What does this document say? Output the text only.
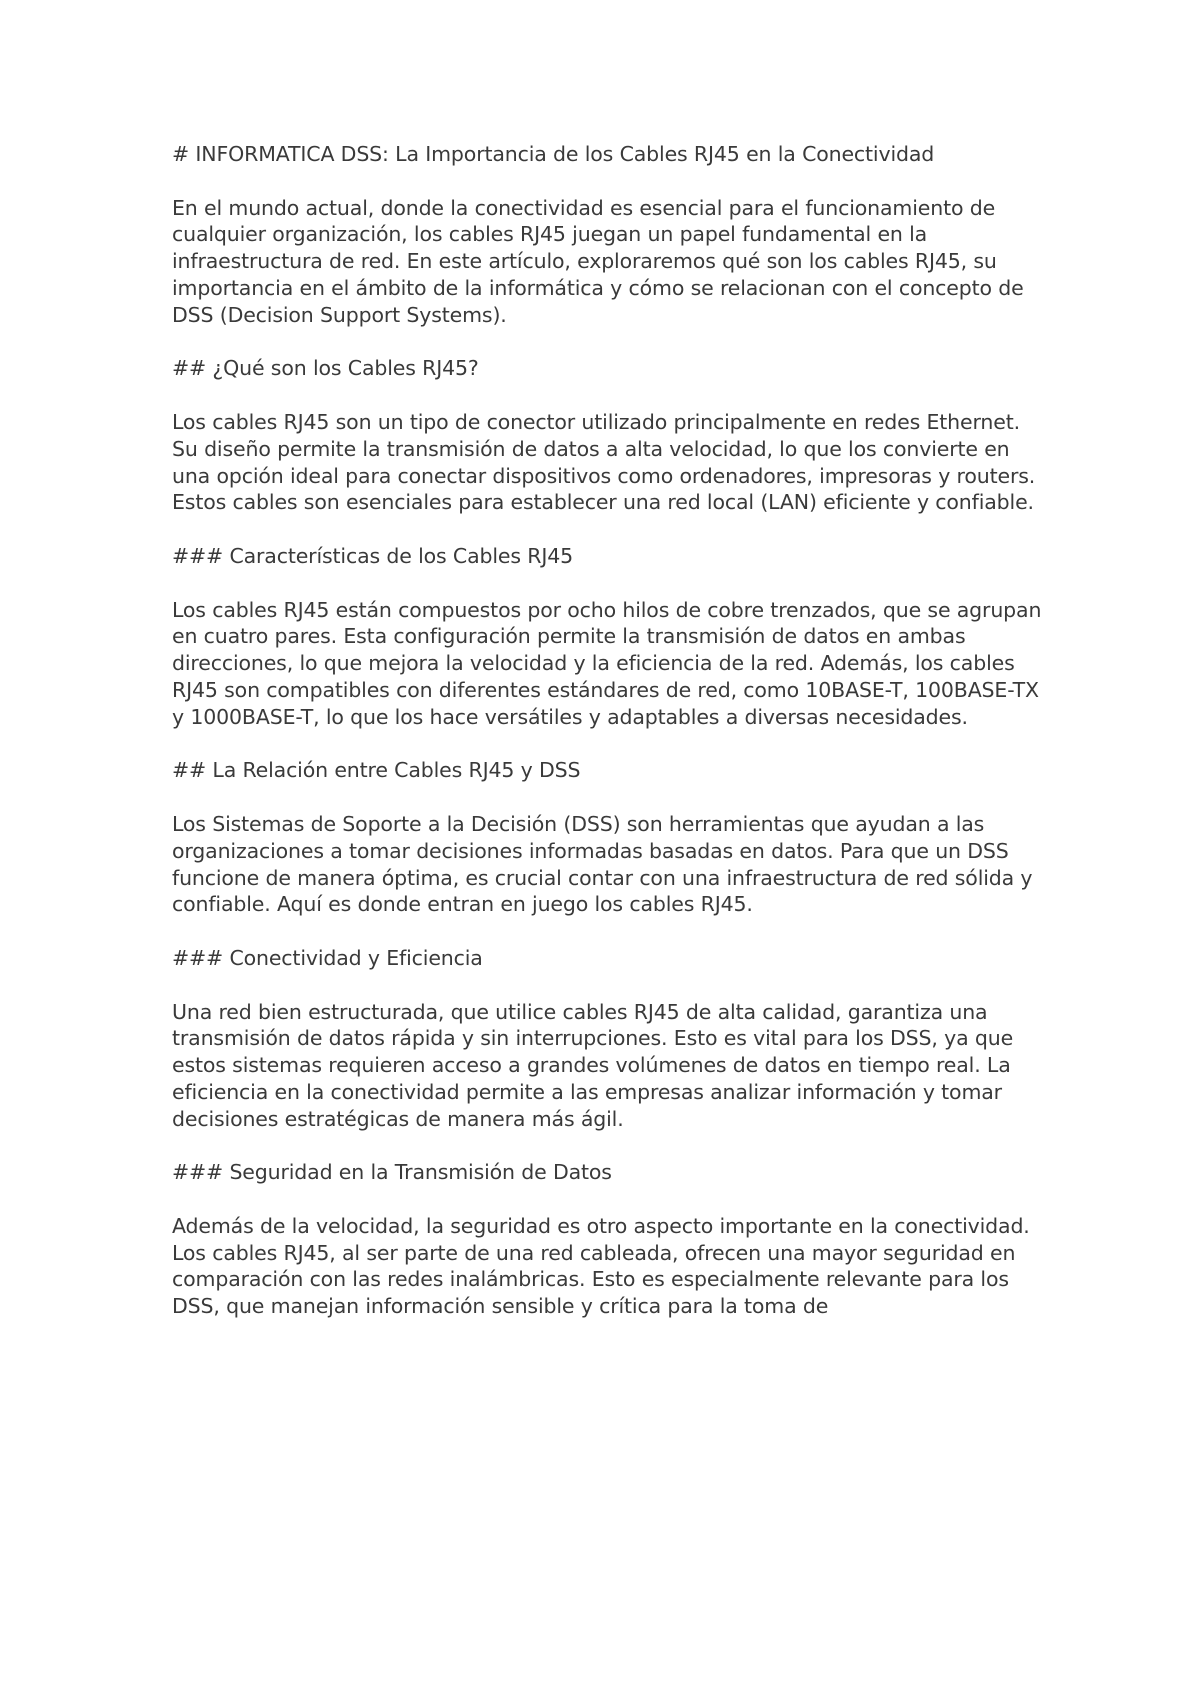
# INFORMATICA DSS: La Importancia de los Cables RJ45 en la Conectividad

En el mundo actual, donde la conectividad es esencial para el funcionamiento de cualquier organización, los cables RJ45 juegan un papel fundamental en la infraestructura de red. En este artículo, exploraremos qué son los cables RJ45, su importancia en el ámbito de la informática y cómo se relacionan con el concepto de DSS (Decision Support Systems).

## ¿Qué son los Cables RJ45?

Los cables RJ45 son un tipo de conector utilizado principalmente en redes Ethernet. Su diseño permite la transmisión de datos a alta velocidad, lo que los convierte en una opción ideal para conectar dispositivos como ordenadores, impresoras y routers. Estos cables son esenciales para establecer una red local (LAN) eficiente y confiable.

### Características de los Cables RJ45

Los cables RJ45 están compuestos por ocho hilos de cobre trenzados, que se agrupan en cuatro pares. Esta configuración permite la transmisión de datos en ambas direcciones, lo que mejora la velocidad y la eficiencia de la red. Además, los cables RJ45 son compatibles con diferentes estándares de red, como 10BASE-T, 100BASE-TX y 1000BASE-T, lo que los hace versátiles y adaptables a diversas necesidades.

## La Relación entre Cables RJ45 y DSS

Los Sistemas de Soporte a la Decisión (DSS) son herramientas que ayudan a las organizaciones a tomar decisiones informadas basadas en datos. Para que un DSS funcione de manera óptima, es crucial contar con una infraestructura de red sólida y confiable. Aquí es donde entran en juego los cables RJ45.

### Conectividad y Eficiencia

Una red bien estructurada, que utilice cables RJ45 de alta calidad, garantiza una transmisión de datos rápida y sin interrupciones. Esto es vital para los DSS, ya que estos sistemas requieren acceso a grandes volúmenes de datos en tiempo real. La eficiencia en la conectividad permite a las empresas analizar información y tomar decisiones estratégicas de manera más ágil.

### Seguridad en la Transmisión de Datos

Además de la velocidad, la seguridad es otro aspecto importante en la conectividad. Los cables RJ45, al ser parte de una red cableada, ofrecen una mayor seguridad en comparación con las redes inalámbricas. Esto es especialmente relevante para los DSS, que manejan información sensible y crítica para la toma de
